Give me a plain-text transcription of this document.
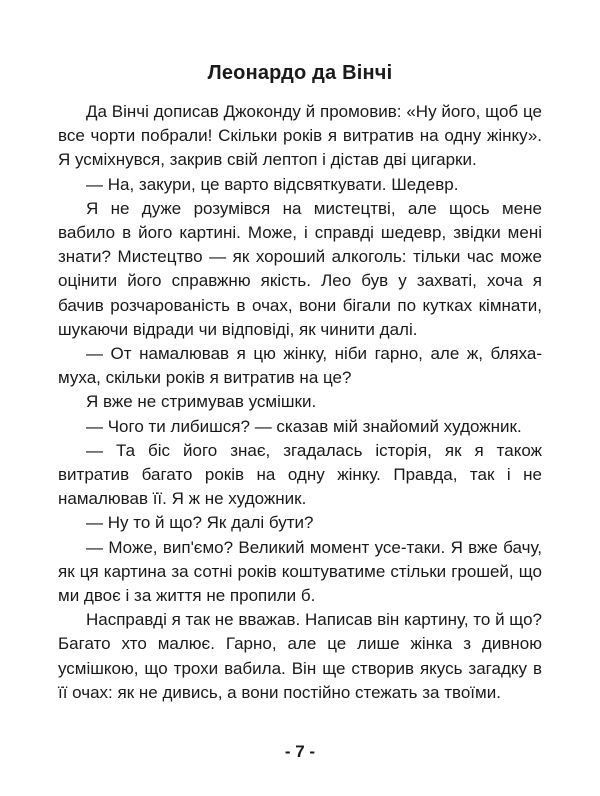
Леонардо да Вінчі

Да Вінчі дописав Джоконду й промовив: «Ну його, щоб це все чорти побрали! Скільки років я витратив на одну жінку». Я усміхнувся, закрив свій лептоп і дістав дві цигарки.

— На, закури, це варто відсвяткувати. Шедевр.

Я не дуже розумівся на мистецтві, але щось мене вабило в його картині. Може, і справді шедевр, звідки мені знати? Мистецтво — як хороший алкоголь: тільки час може оцінити його справжню якість. Лео був у захваті, хоча я бачив розчарованість в очах, вони бігали по кутках кімнати, шукаючи відради чи відповіді, як чинити далі.

— От намалював я цю жінку, ніби гарно, але ж, бляха-муха, скільки років я витратив на це?

Я вже не стримував усмішки.

— Чого ти либишся? — сказав мій знайомий художник.

— Та біс його знає, згадалась історія, як я також витратив багато років на одну жінку. Правда, так і не намалював її. Я ж не художник.

— Ну то й що? Як далі бути?

— Може, вип'ємо? Великий момент усе-таки. Я вже бачу, як ця картина за сотні років коштуватиме стільки грошей, що ми двоє і за життя не пропили б.

Насправді я так не вважав. Написав він картину, то й що? Багато хто малює. Гарно, але це лише жінка з дивною усмішкою, що трохи вабила. Він ще створив якусь загадку в її очах: як не дивись, а вони постійно стежать за твоїми.

- 7 -
